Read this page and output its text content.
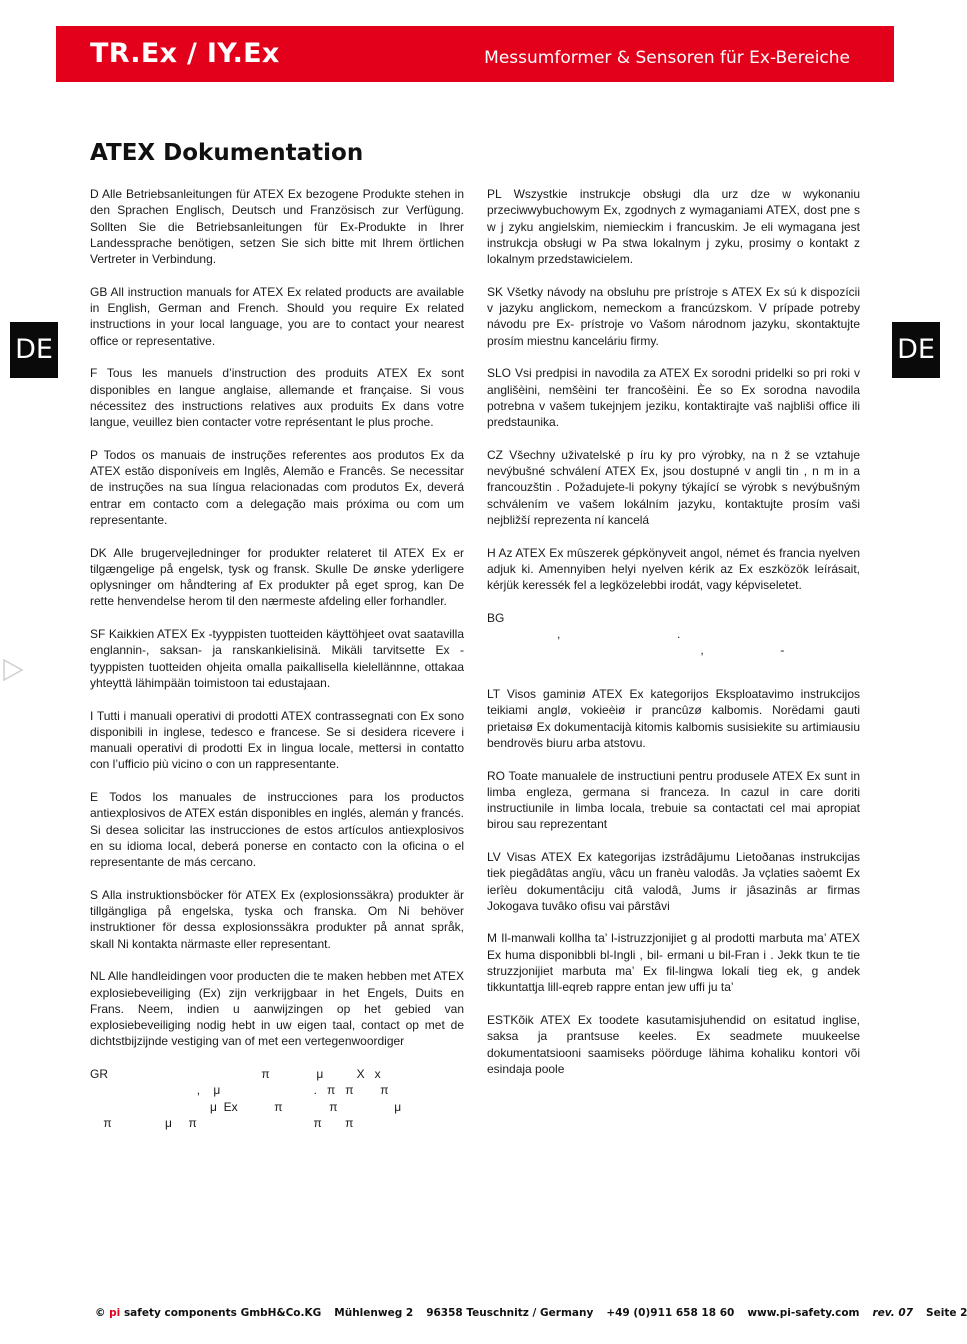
TR.Ex / IY.Ex	Messumformer & Sensoren für Ex-Bereiche
ATEX Dokumentation
DE	DE

D Alle Betriebsanleitungen für ATEX Ex bezogene Produkte stehen in den Sprachen Englisch, Deutsch und Französisch zur Verfügung. Sollten Sie die Betriebsanleitungen für Ex-Produkte in Ihrer Landessprache benötigen, setzen Sie sich bitte mit Ihrem örtlichen Vertreter in Verbindung.

GB All instruction manuals for ATEX Ex related products are available in English, German and French. Should you require Ex related instructions in your local language, you are to contact your nearest office or representative.

F Tous les manuels d’instruction des produits ATEX Ex sont disponibles en langue anglaise, allemande et française. Si vous nécessitez des instructions relatives aux produits Ex dans votre langue, veuillez bien contacter votre représentant le plus proche.

P Todos os manuais de instruções referentes aos produtos Ex da ATEX estão disponíveis em Inglês, Alemão e Francês. Se necessitar de instruções na sua língua relacionadas com produtos Ex, deverá entrar em contacto com a delegação mais próxima ou com um representante.

DK Alle brugervejledninger for produkter relateret til ATEX Ex er tilgængelige på engelsk, tysk og fransk. Skulle De ønske yderligere oplysninger om håndtering af Ex produkter på eget sprog, kan De rette henvendelse herom til den nærmeste afdeling eller forhandler.

SF Kaikkien ATEX Ex -tyyppisten tuotteiden käyttöhjeet ovat saatavilla englannin-, saksan- ja ranskankielisinä. Mikäli tarvitsette Ex -tyyppisten tuotteiden ohjeita omalla paikallisella kielellännne, ottakaa yhteyttä lähimpään toimistoon tai edustajaan.

I Tutti i manuali operativi di prodotti ATEX contrassegnati con Ex sono disponibili in inglese, tedesco e francese. Se si desidera ricevere i manuali operativi di prodotti Ex in lingua locale, mettersi in contatto con l’ufficio più vicino o con un rappresentante.

E Todos los manuales de instrucciones para los productos antiexplosivos de ATEX están disponibles en inglés, alemán y francés. Si desea solicitar las instrucciones de estos artículos antiexplosivos en su idioma local, deberá ponerse en contacto con la oficina o el representante de más cercano.

S Alla instruktionsböcker för ATEX Ex (explosionssäkra) produkter är tillgängliga på engelska, tyska och franska. Om Ni behöver instruktioner för dessa explosionssäkra produkter på annat språk, skall Ni kontakta närmaste eller representant.

NL Alle handleidingen voor producten die te maken hebben met ATEX explosiebeveiliging (Ex) zijn verkrijgbaar in het Engels, Duits en Frans. Neem, indien u aanwijzingen op het gebied van explosiebeveiliging nodig hebt in uw eigen taal, contact op met de dichtstbijzijnde vestiging van of met een vertegenwoordiger

GR                                              π              μ          Χ   x
,    μ                            .   π   π        π
μ  Ex           π              π                 μ
π                μ     π                                   π       π

PL Wszystkie instrukcje obsługi dla urz dze w wykonaniu przeciwwybuchowym Ex, zgodnych z wymaganiami ATEX, dost pne s w j zyku angielskim, niemieckim i francuskim. Je eli wymagana jest instrukcja obsługi w Pa stwa lokalnym j zyku, prosimy o kontakt z lokalnym przedstawicielem.

SK Všetky návody na obsluhu pre prístroje s ATEX Ex sú k dispozícii v jazyku anglickom, nemeckom a francúzskom. V prípade potreby návodu pre Ex- prístroje vo Vašom národnom jazyku, skontaktujte prosím miestnu kanceláriu firmy.

SLO Vsi predpisi in navodila za ATEX Ex sorodni pridelki so pri roki v anglišèini, nemšèini ter francošèini. Èe so Ex sorodna navodila potrebna v vašem tukejnjem jeziku, kontaktirajte vaš najbliši office ili predstaunika.

CZ Všechny uživatelské p íru ky pro výrobky, na n ž se vztahuje nevýbušné schválení ATEX Ex, jsou dostupné v angli tin , n m in a francouzštin . Požadujete-li pokyny týkající se výrobk s nevýbušným schválením ve vašem lokálním jazyku, kontaktujte prosím vaši nejbližší reprezenta ní kancelá

H Az ATEX Ex mûszerek gépkönyveit angol, német és francia nyelven adjuk ki. Amennyiben helyi nyelven kérik az Ex eszközök leírásait, kérjük keressék fel a legközelebbi irodát, vagy képviseletet.

BG
,                                   .
,                       -

LT Visos gaminiø ATEX Ex kategorijos Eksploatavimo instrukcijos teikiami anglø, vokieèiø ir prancûzø kalbomis. Norëdami gauti prietaisø Ex dokumentacijà kitomis kalbomis susisiekite su artimiausiu bendrovës biuru arba atstovu.

RO Toate manualele de instructiuni pentru produsele ATEX Ex sunt in limba engleza, germana si franceza. In cazul in care doriti instructiunile in limba locala, trebuie sa contactati cel mai apropiat birou sau reprezentant

LV Visas ATEX Ex kategorijas izstrâdâjumu Lietoðanas instrukcijas tiek piegâdâtas angïu, vâcu un franèu valodâs. Ja vçlaties saòemt Ex ierîèu dokumentâciju citâ valodâ, Jums ir jâsazinâs ar firmas Jokogava tuvâko ofisu vai pârstâvi

M Il-manwali kollha ta’ l-istruzzjonijiet g al prodotti marbuta ma’ ATEX Ex huma disponibbli bl-Ingli , bil- ermani u bil-Fran i . Jekk tkun te tie struzzjonijiet marbuta ma’ Ex fil-lingwa lokali tieg ek, g andek tikkuntattja lill-eqreb rappre entan jew uffi ju ta’

ESTKõik ATEX Ex toodete kasutamisjuhendid on esitatud inglise, saksa ja prantsuse keeles. Ex seadmete muukeelse dokumentatsiooni saamiseks pöörduge lähima kohaliku kontori või esindaja poole

© pi safety components GmbH&Co.KG Mühlenweg 2 96358 Teuschnitz / Germany +49 (0)911 658 18 60 www.pi-safety.com rev. 07 Seite 2
